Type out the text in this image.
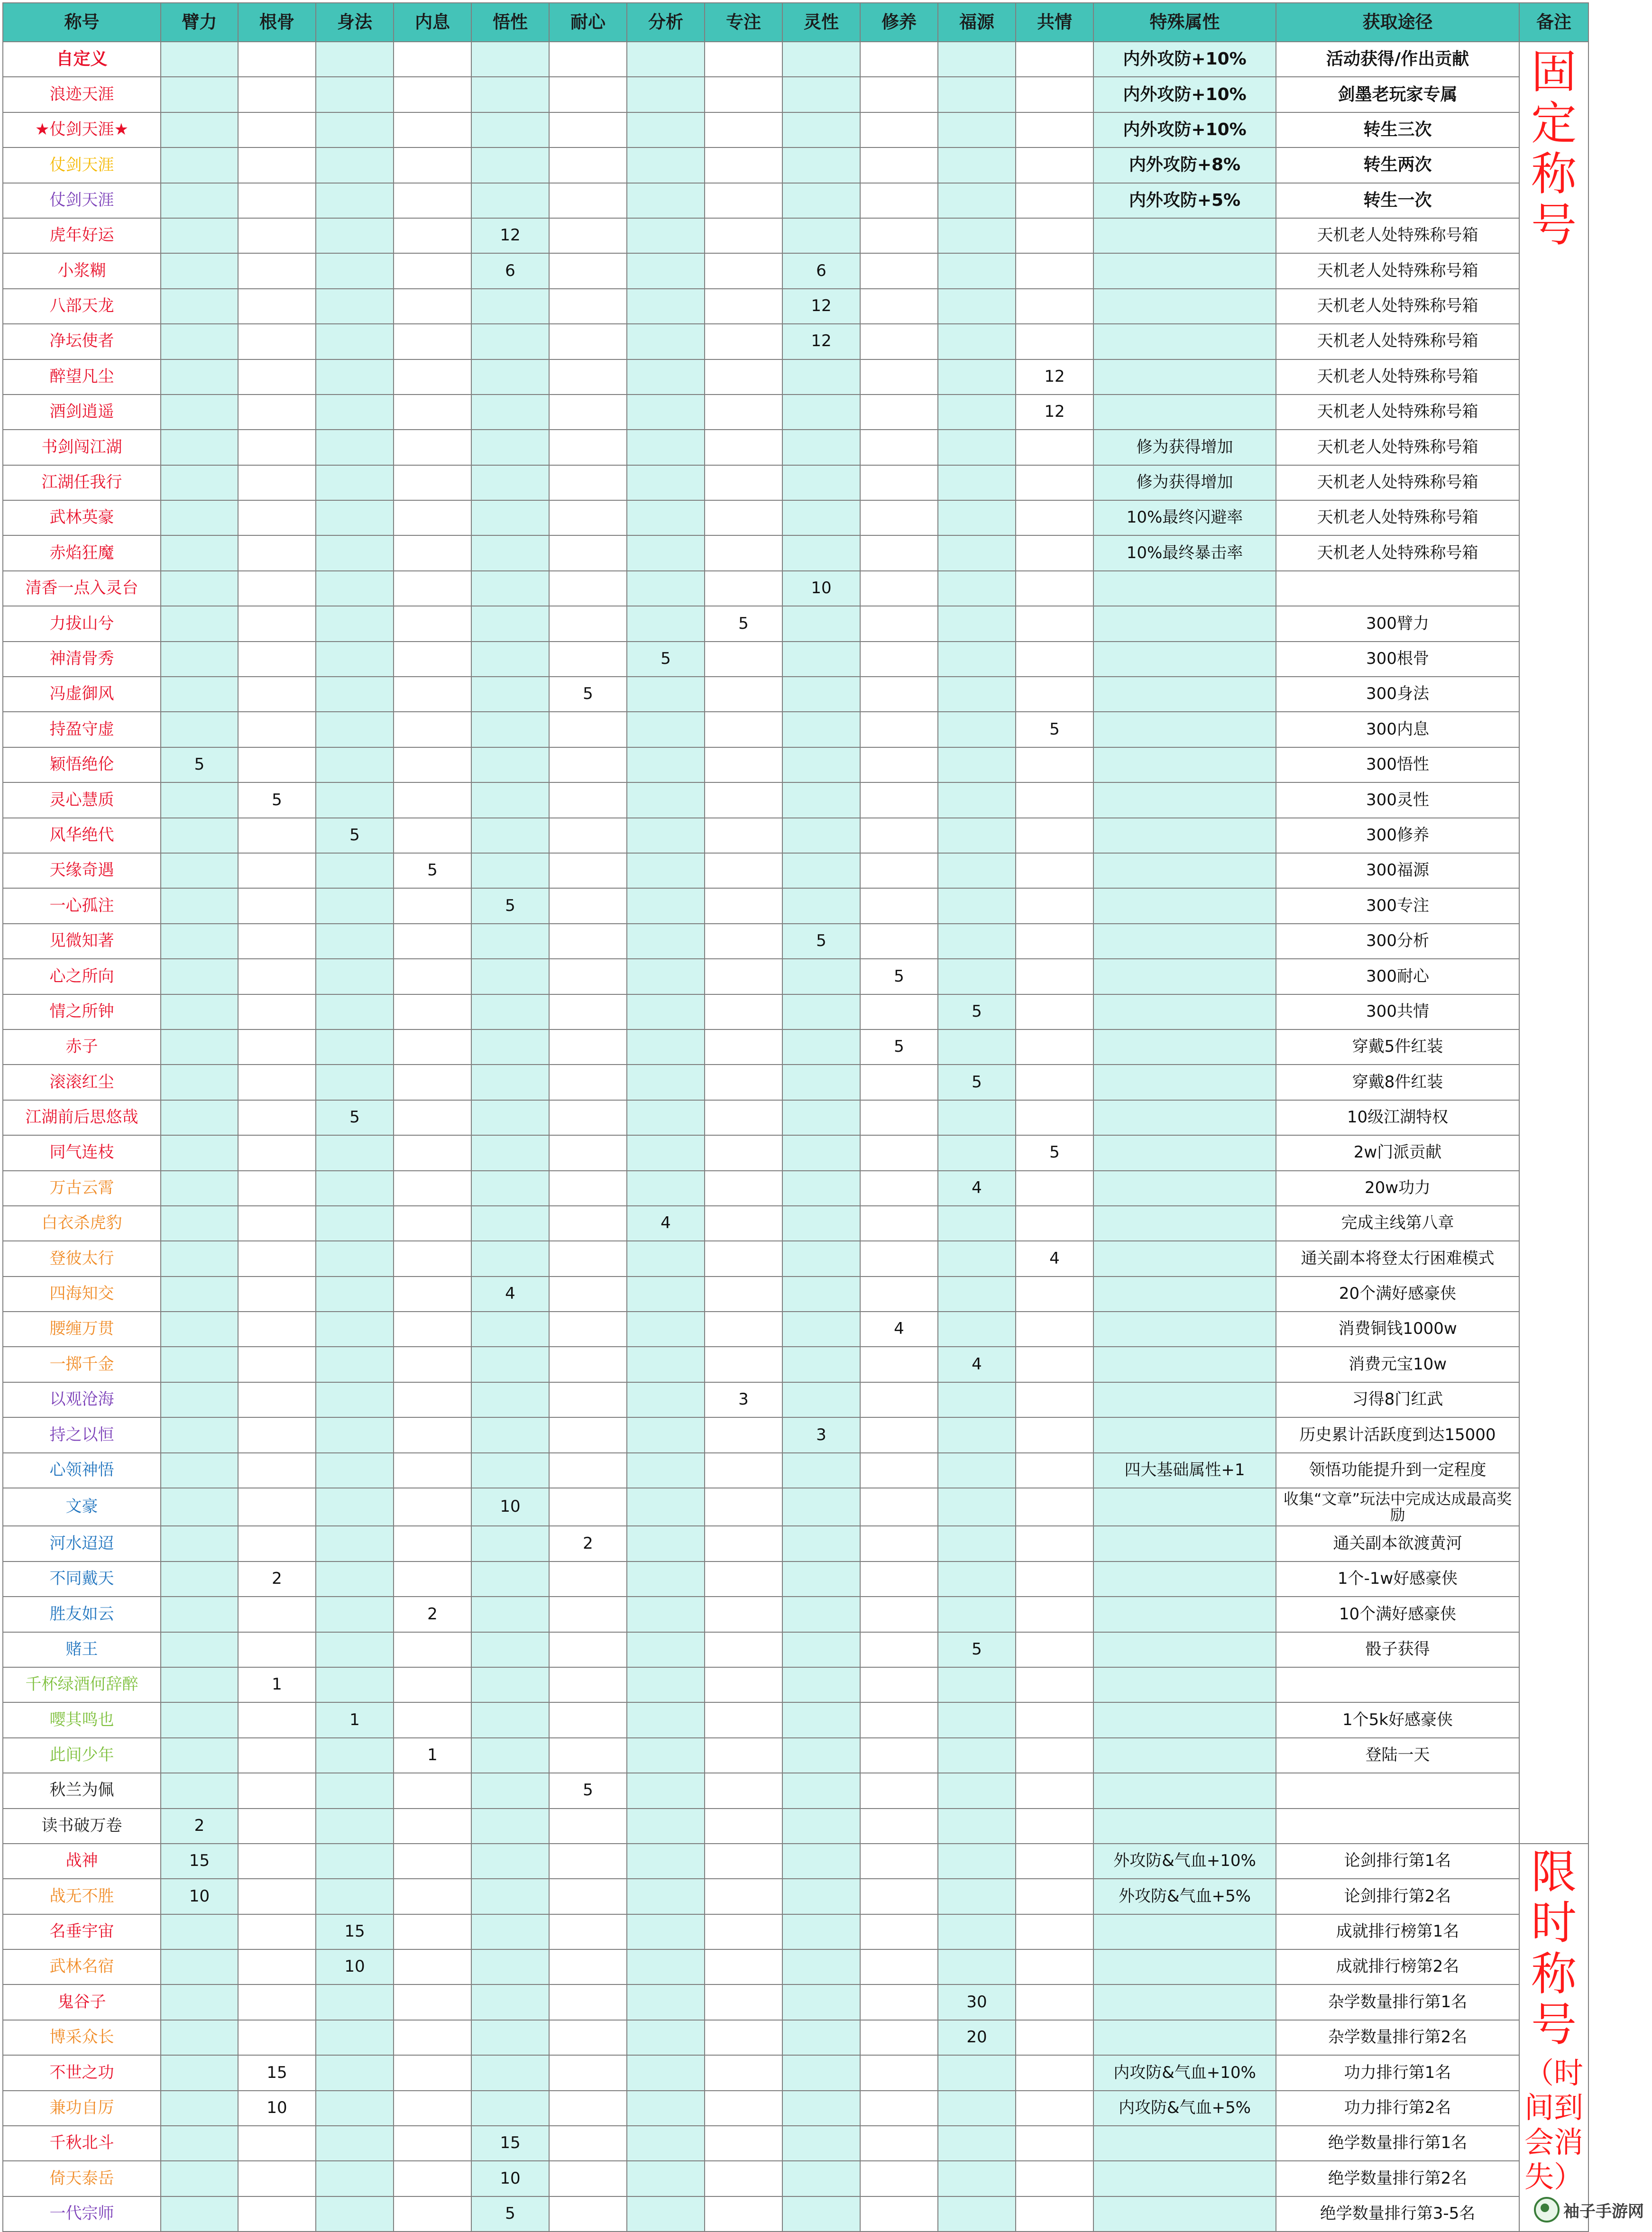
称号	臂力	根骨	身法	内息	悟性	耐心	分析	专注	灵性	修养	福源	共情	特殊属性	获取途径	备注
自定义													内外攻防+10%	活动获得/作出贡献	固定称号

浪迹天涯													内外攻防+10%	剑墨老玩家专属	
★仗剑天涯★													内外攻防+10%	转生三次	
仗剑天涯													内外攻防+8%	转生两次	
仗剑天涯													内外攻防+5%	转生一次	
虎年好运					12									天机老人处特殊称号箱	
小浆糊					6				6					天机老人处特殊称号箱	
八部天龙									12					天机老人处特殊称号箱	
净坛使者									12					天机老人处特殊称号箱	
醉望凡尘												12		天机老人处特殊称号箱	
酒剑逍遥												12		天机老人处特殊称号箱	
书剑闯江湖													修为获得增加	天机老人处特殊称号箱	
江湖任我行													修为获得增加	天机老人处特殊称号箱	
武林英豪													10%最终闪避率	天机老人处特殊称号箱	
赤焰狂魔													10%最终暴击率	天机老人处特殊称号箱	
清香一点入灵台									10						
力拔山兮								5						300臂力	
神清骨秀							5							300根骨	
冯虚御风						5								300身法	
持盈守虚												5		300内息	
颖悟绝伦	5													300悟性	
灵心慧质		5												300灵性	
风华绝代			5											300修养	
天缘奇遇				5										300福源	
一心孤注					5									300专注	
见微知著									5					300分析	
心之所向										5				300耐心	
情之所钟											5			300共情	
赤子										5				穿戴5件红装	
滚滚红尘											5			穿戴8件红装	
江湖前后思悠哉			5											10级江湖特权	
同气连枝												5		2w门派贡献	
万古云霄											4			20w功力	
白衣杀虎豹							4							完成主线第八章	
登彼太行												4		通关副本将登太行困难模式	
四海知交					4									20个满好感豪侠	
腰缠万贯										4				消费铜钱1000w	
一掷千金											4			消费元宝10w	
以观沧海								3						习得8门红武	
持之以恒									3					历史累计活跃度到达15000	
心领神悟													四大基础属性+1	领悟功能提升到一定程度	
文豪					10									收集“文章”玩法中完成达成最高奖励	
河水迢迢						2								通关副本欲渡黄河	
不同戴天		2												1个-1w好感豪侠	
胜友如云				2										10个满好感豪侠	
赌王											5			骰子获得	
千杯绿酒何辞醉		1													
嘤其鸣也			1											1个5k好感豪侠	
此间少年				1										登陆一天	
秋兰为佩						5									
读书破万卷	2														
战神	15												外攻防&气血+10%	论剑排行第1名	限时称号
（时间到会消失）

战无不胜	10												外攻防&气血+5%	论剑排行第2名	
名垂宇宙			15											成就排行榜第1名	
武林名宿			10											成就排行榜第2名	
鬼谷子											30			杂学数量排行第1名	
博采众长											20			杂学数量排行第2名	
不世之功		15											内攻防&气血+10%	功力排行第1名	
兼功自厉		10											内攻防&气血+5%	功力排行第2名	
千秋北斗					15									绝学数量排行第1名	
倚天泰岳					10									绝学数量排行第2名	
一代宗师					5									绝学数量排行第3-5名		袖子手游网
